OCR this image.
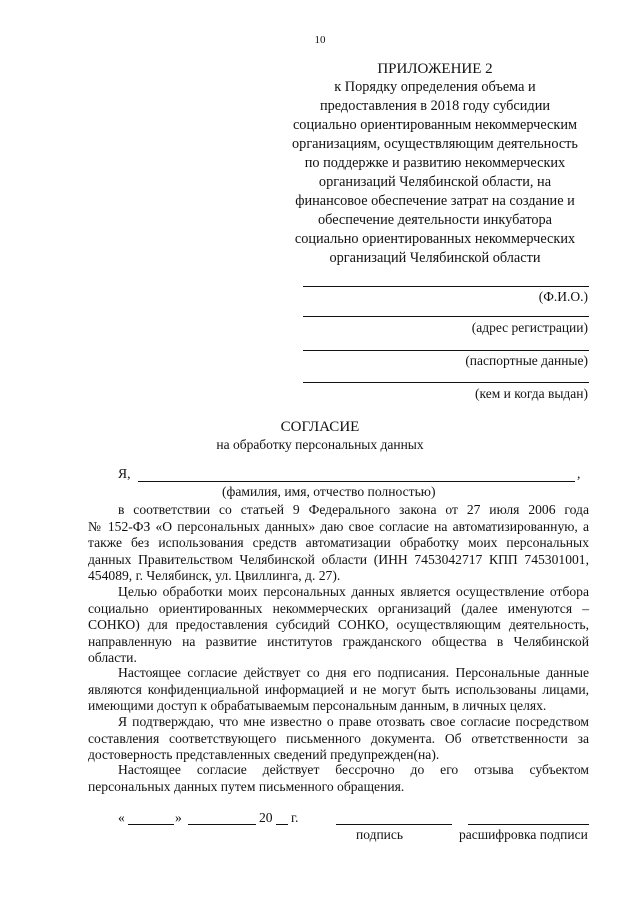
10
ПРИЛОЖЕНИЕ 2
к Порядку определения объема и
предоставления в 2018 году субсидии
социально ориентированным некоммерческим
организациям, осуществляющим деятельность
по поддержке и развитию некоммерческих
организаций Челябинской области, на
финансовое обеспечение затрат на создание и
обеспечение деятельности инкубатора
социально ориентированных некоммерческих
организаций Челябинской области
(Ф.И.О.)
(адрес регистрации)
(паспортные данные)
(кем и когда выдан)
СОГЛАСИЕ
на обработку персональных данных
Я,	,
(фамилия, имя, отчество полностью)
в соответствии со статьей 9 Федерального закона от 27 июля 2006 года
№ 152-ФЗ «О персональных данных» даю свое согласие на автоматизированную, а
также без использования средств автоматизации обработку моих персональных
данных Правительством Челябинской области (ИНН 7453042717 КПП 745301001,
454089, г. Челябинск, ул. Цвиллинга, д. 27).
Целью обработки моих персональных данных является осуществление отбора
социально ориентированных некоммерческих организаций (далее именуются –
СОНКО) для предоставления субсидий СОНКО, осуществляющим деятельность,
направленную на развитие институтов гражданского общества в Челябинской
области.
Настоящее согласие действует со дня его подписания. Персональные данные
являются конфиденциальной информацией и не могут быть использованы лицами,
имеющими доступ к обрабатываемым персональным данным, в личных целях.
Я подтверждаю, что мне известно о праве отозвать свое согласие посредством
составления соответствующего письменного документа. Об ответственности за
достоверность представленных сведений предупрежден(на).
Настоящее согласие действует бессрочно до его отзыва субъектом
персональных данных путем письменного обращения.
«	»	20 г.
подпись	расшифровка подписи
